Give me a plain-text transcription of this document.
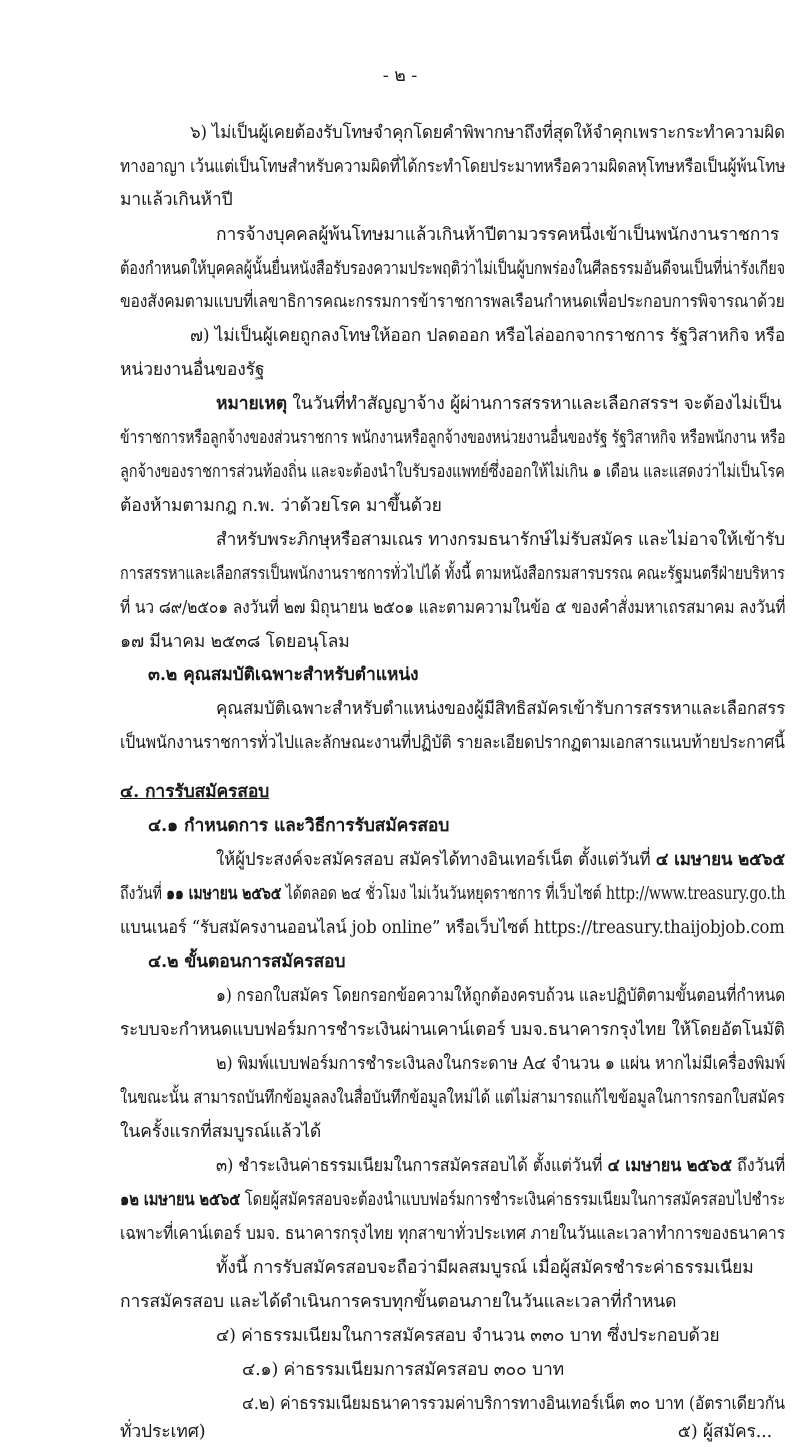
- ๒ -
๖) ไม่เป็นผู้เคยต้องรับโทษจำคุกโดยคำพิพากษาถึงที่สุดให้จำคุกเพราะกระทำความผิด
ทางอาญา เว้นแต่เป็นโทษสำหรับความผิดที่ได้กระทำโดยประมาทหรือความผิดลหุโทษหรือเป็นผู้พ้นโทษ
มาแล้วเกินห้าปี
การจ้างบุคคลผู้พ้นโทษมาแล้วเกินห้าปีตามวรรคหนึ่งเข้าเป็นพนักงานราชการ
ต้องกำหนดให้บุคคลผู้นั้นยื่นหนังสือรับรองความประพฤติว่าไม่เป็นผู้บกพร่องในศีลธรรมอันดีจนเป็นที่น่ารังเกียจ
ของสังคมตามแบบที่เลขาธิการคณะกรรมการข้าราชการพลเรือนกำหนดเพื่อประกอบการพิจารณาด้วย
๗) ไม่เป็นผู้เคยถูกลงโทษให้ออก ปลดออก หรือไล่ออกจากราชการ รัฐวิสาหกิจ หรือ
หน่วยงานอื่นของรัฐ
หมายเหตุ ในวันที่ทำสัญญาจ้าง ผู้ผ่านการสรรหาและเลือกสรรฯ จะต้องไม่เป็น
ข้าราชการหรือลูกจ้างของส่วนราชการ พนักงานหรือลูกจ้างของหน่วยงานอื่นของรัฐ รัฐวิสาหกิจ หรือพนักงาน หรือ
ลูกจ้างของราชการส่วนท้องถิ่น และจะต้องนำใบรับรองแพทย์ซึ่งออกให้ไม่เกิน ๑ เดือน และแสดงว่าไม่เป็นโรค
ต้องห้ามตามกฎ ก.พ. ว่าด้วยโรค มาขึ้นด้วย
สำหรับพระภิกษุหรือสามเณร ทางกรมธนารักษ์ไม่รับสมัคร และไม่อาจให้เข้ารับ
การสรรหาและเลือกสรรเป็นพนักงานราชการทั่วไปได้ ทั้งนี้ ตามหนังสือกรมสารบรรณ คณะรัฐมนตรีฝ่ายบริหาร
ที่ นว ๘๙/๒๕๐๑ ลงวันที่ ๒๗ มิถุนายน ๒๕๐๑ และตามความในข้อ ๕ ของคำสั่งมหาเถรสมาคม ลงวันที่
๑๗ มีนาคม ๒๕๓๘ โดยอนุโลม
๓.๒ คุณสมบัติเฉพาะสำหรับตำแหน่ง
คุณสมบัติเฉพาะสำหรับตำแหน่งของผู้มีสิทธิสมัครเข้ารับการสรรหาและเลือกสรร
เป็นพนักงานราชการทั่วไปและลักษณะงานที่ปฏิบัติ รายละเอียดปรากฏตามเอกสารแนบท้ายประกาศนี้
๔. การรับสมัครสอบ
๔.๑ กำหนดการ และวิธีการรับสมัครสอบ
ให้ผู้ประสงค์จะสมัครสอบ สมัครได้ทางอินเทอร์เน็ต ตั้งแต่วันที่ ๔ เมษายน ๒๕๖๕
ถึงวันที่ ๑๑ เมษายน ๒๕๖๕ ได้ตลอด ๒๔ ชั่วโมง ไม่เว้นวันหยุดราชการ ที่เว็บไซต์ http://www.treasury.go.th
แบนเนอร์ “รับสมัครงานออนไลน์ job online” หรือเว็บไซต์ https://treasury.thaijobjob.com
๔.๒ ขั้นตอนการสมัครสอบ
๑) กรอกใบสมัคร โดยกรอกข้อความให้ถูกต้องครบถ้วน และปฏิบัติตามขั้นตอนที่กำหนด
ระบบจะกำหนดแบบฟอร์มการชำระเงินผ่านเคาน์เตอร์ บมจ.ธนาคารกรุงไทย ให้โดยอัตโนมัติ
๒) พิมพ์แบบฟอร์มการชำระเงินลงในกระดาษ A๔ จำนวน ๑ แผ่น หากไม่มีเครื่องพิมพ์
ในขณะนั้น สามารถบันทึกข้อมูลลงในสื่อบันทึกข้อมูลใหม่ได้ แต่ไม่สามารถแก้ไขข้อมูลในการกรอกใบสมัคร
ในครั้งแรกที่สมบูรณ์แล้วได้
๓) ชำระเงินค่าธรรมเนียมในการสมัครสอบได้ ตั้งแต่วันที่ ๔ เมษายน ๒๕๖๕ ถึงวันที่
๑๒ เมษายน ๒๕๖๕ โดยผู้สมัครสอบจะต้องนำแบบฟอร์มการชำระเงินค่าธรรมเนียมในการสมัครสอบไปชำระ
เฉพาะที่เคาน์เตอร์ บมจ. ธนาคารกรุงไทย ทุกสาขาทั่วประเทศ ภายในวันและเวลาทำการของธนาคาร
ทั้งนี้ การรับสมัครสอบจะถือว่ามีผลสมบูรณ์ เมื่อผู้สมัครชำระค่าธรรมเนียม
การสมัครสอบ และได้ดำเนินการครบทุกขั้นตอนภายในวันและเวลาที่กำหนด
๔) ค่าธรรมเนียมในการสมัครสอบ จำนวน ๓๓๐ บาท ซึ่งประกอบด้วย
๔.๑) ค่าธรรมเนียมการสมัครสอบ ๓๐๐ บาท
๔.๒) ค่าธรรมเนียมธนาคารรวมค่าบริการทางอินเทอร์เน็ต ๓๐ บาท (อัตราเดียวกัน
ทั่วประเทศ)	๕) ผู้สมัคร...
